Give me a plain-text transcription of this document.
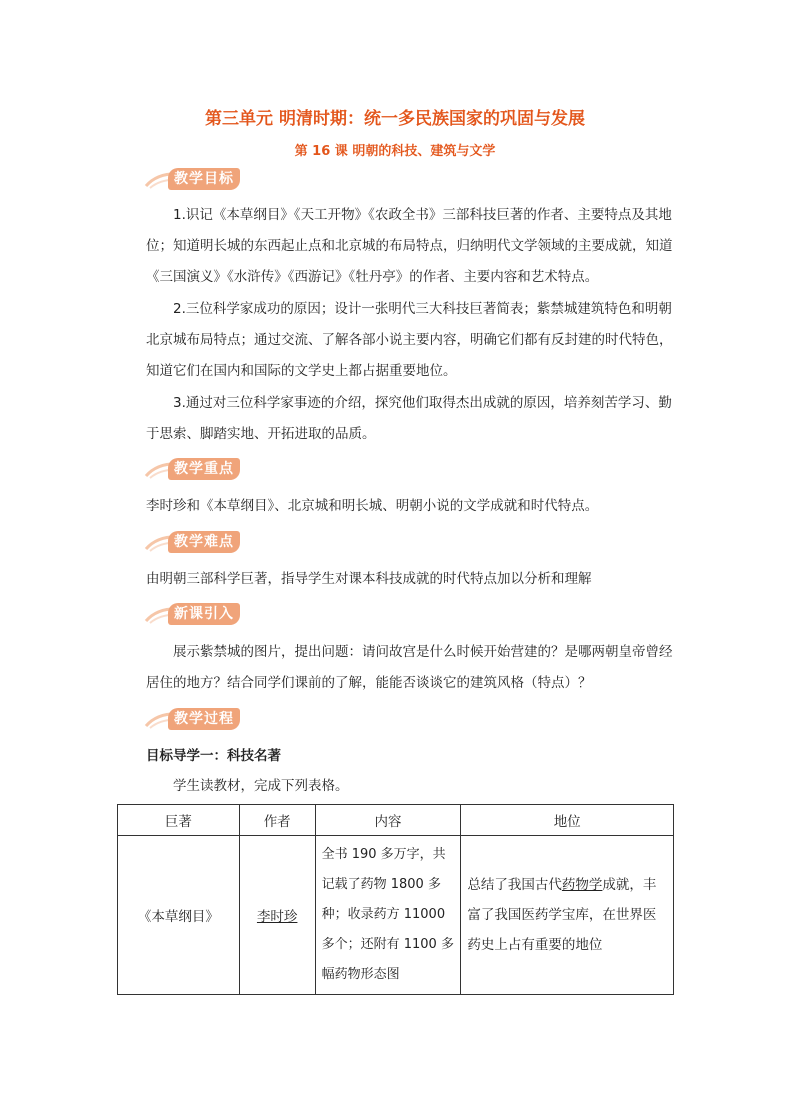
第三单元 明清时期：统一多民族国家的巩固与发展
第 16 课 明朝的科技、建筑与文学
教学目标
1.识记《本草纲目》《天工开物》《农政全书》三部科技巨著的作者、主要特点及其地位；知道明长城的东西起止点和北京城的布局特点，归纳明代文学领域的主要成就，知道《三国演义》《水浒传》《西游记》《牡丹亭》的作者、主要内容和艺术特点。
2.三位科学家成功的原因；设计一张明代三大科技巨著简表；紫禁城建筑特色和明朝北京城布局特点；通过交流、了解各部小说主要内容，明确它们都有反封建的时代特色，知道它们在国内和国际的文学史上都占据重要地位。
3.通过对三位科学家事迹的介绍，探究他们取得杰出成就的原因，培养刻苦学习、勤于思索、脚踏实地、开拓进取的品质。
教学重点
李时珍和《本草纲目》、北京城和明长城、明朝小说的文学成就和时代特点。
教学难点
由明朝三部科学巨著，指导学生对课本科技成就的时代特点加以分析和理解
新课引入
展示紫禁城的图片，提出问题：请问故宫是什么时候开始营建的？是哪两朝皇帝曾经居住的地方？结合同学们课前的了解，能能否谈谈它的建筑风格（特点）？
教学过程
目标导学一：科技名著
学生读教材，完成下列表格。
巨著	作者	内容	地位
《本草纲目》	李时珍	全书 190 多万字，共记载了药物 1800 多种；收录药方 11000 多个；还附有 1100 多幅药物形态图	总结了我国古代药物学成就，丰富了我国医药学宝库，在世界医药史上占有重要的地位
